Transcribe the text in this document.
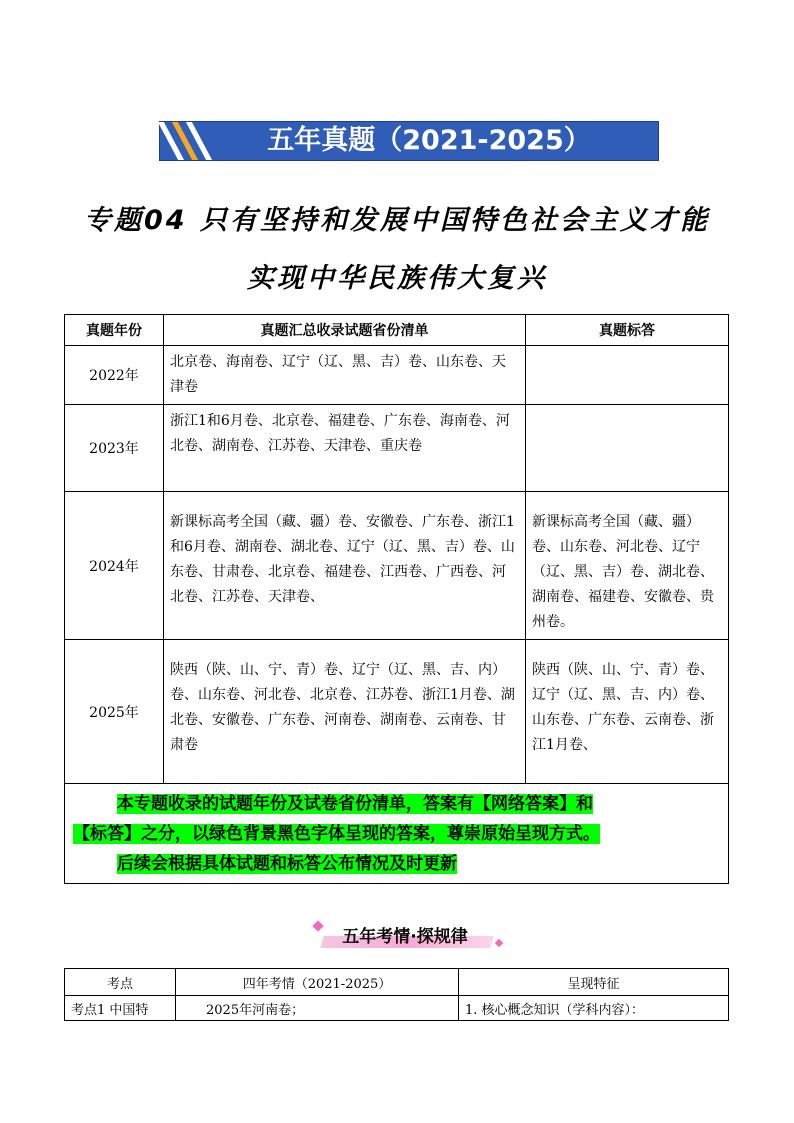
五年真题（2021-2025）
专题04 只有坚持和发展中国特色社会主义才能
实现中华民族伟大复兴
真题年份	真题汇总收录试题省份清单	真题标答
2022年	北京卷、海南卷、辽宁（辽、黑、吉）卷、山东卷、天津卷	
2023年	浙江1和6月卷、北京卷、福建卷、广东卷、海南卷、河北卷、湖南卷、江苏卷、天津卷、重庆卷	
2024年	新课标高考全国（藏、疆）卷、安徽卷、广东卷、浙江1和6月卷、湖南卷、湖北卷、辽宁（辽、黑、吉）卷、山东卷、甘肃卷、北京卷、福建卷、江西卷、广西卷、河北卷、江苏卷、天津卷、	新课标高考全国（藏、疆）卷、山东卷、河北卷、辽宁（辽、黑、吉）卷、湖北卷、湖南卷、福建卷、安徽卷、贵州卷。
2025年	陕西（陕、山、宁、青）卷、辽宁（辽、黑、吉、内）卷、山东卷、河北卷、北京卷、江苏卷、浙江1月卷、湖北卷、安徽卷、广东卷、河南卷、湖南卷、云南卷、甘肃卷	陕西（陕、山、宁、青）卷、辽宁（辽、黑、吉、内）卷、山东卷、广东卷、云南卷、浙江1月卷、

本专题收录的试题年份及试卷省份清单，答案有【网络答案】和

【标答】之分，以绿色背景黑色字体呈现的答案，尊崇原始呈现方式。

后续会根据具体试题和标答公布情况及时更新		

五年考情·探规律
考点	四年考情（2021-2025）	呈现特征
考点1 中国特	2025年河南卷；	1. 核心概念知识（学科内容）：
